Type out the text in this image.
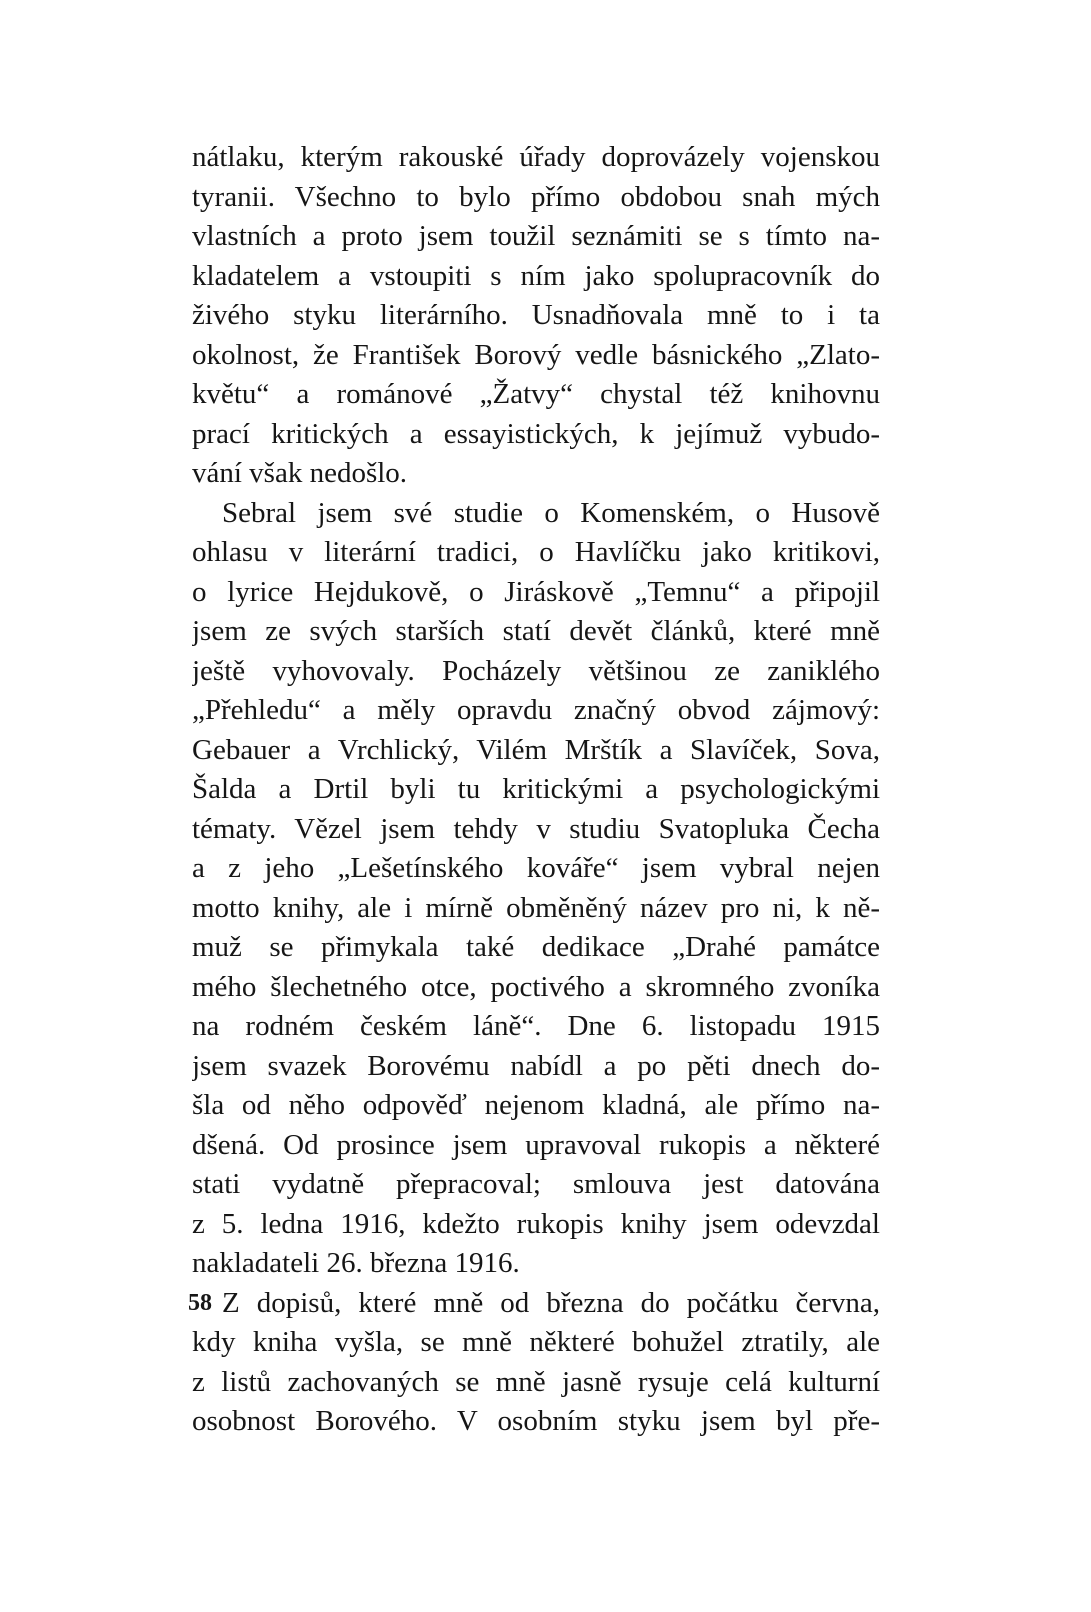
nátlaku, kterým rakouské úřady doprovázely vojenskou
tyranii. Všechno to bylo přímo obdobou snah mých
vlastních a proto jsem toužil seznámiti se s tímto na-
kladatelem a vstoupiti s ním jako spolupracovník do
živého styku literárního. Usnadňovala mně to i ta
okolnost, že František Borový vedle básnického „Zlato-
květu“ a románové „Žatvy“ chystal též knihovnu
prací kritických a essayistických, k jejímuž vybudo-
vání však nedošlo.
Sebral jsem své studie o Komenském, o Husově
ohlasu v literární tradici, o Havlíčku jako kritikovi,
o lyrice Hejdukově, o Jiráskově „Temnu“ a připojil
jsem ze svých starších statí devět článků, které mně
ještě vyhovovaly. Pocházely většinou ze zaniklého
„Přehledu“ a měly opravdu značný obvod zájmový:
Gebauer a Vrchlický, Vilém Mrštík a Slavíček, Sova,
Šalda a Drtil byli tu kritickými a psychologickými
tématy. Vězel jsem tehdy v studiu Svatopluka Čecha
a z jeho „Lešetínského kováře“ jsem vybral nejen
motto knihy, ale i mírně obměněný název pro ni, k ně-
muž se přimykala také dedikace „Drahé památce
mého šlechetného otce, poctivého a skromného zvoníka
na rodném českém láně“. Dne 6. listopadu 1915
jsem svazek Borovému nabídl a po pěti dnech do-
šla od něho odpověď nejenom kladná, ale přímo na-
dšená. Od prosince jsem upravoval rukopis a některé
stati vydatně přepracoval; smlouva jest datována
z 5. ledna 1916, kdežto rukopis knihy jsem odevzdal
nakladateli 26. března 1916.
Z dopisů, které mně od března do počátku června,
kdy kniha vyšla, se mně některé bohužel ztratily, ale
z listů zachovaných se mně jasně rysuje celá kulturní
osobnost Borového. V osobním styku jsem byl pře-
58
